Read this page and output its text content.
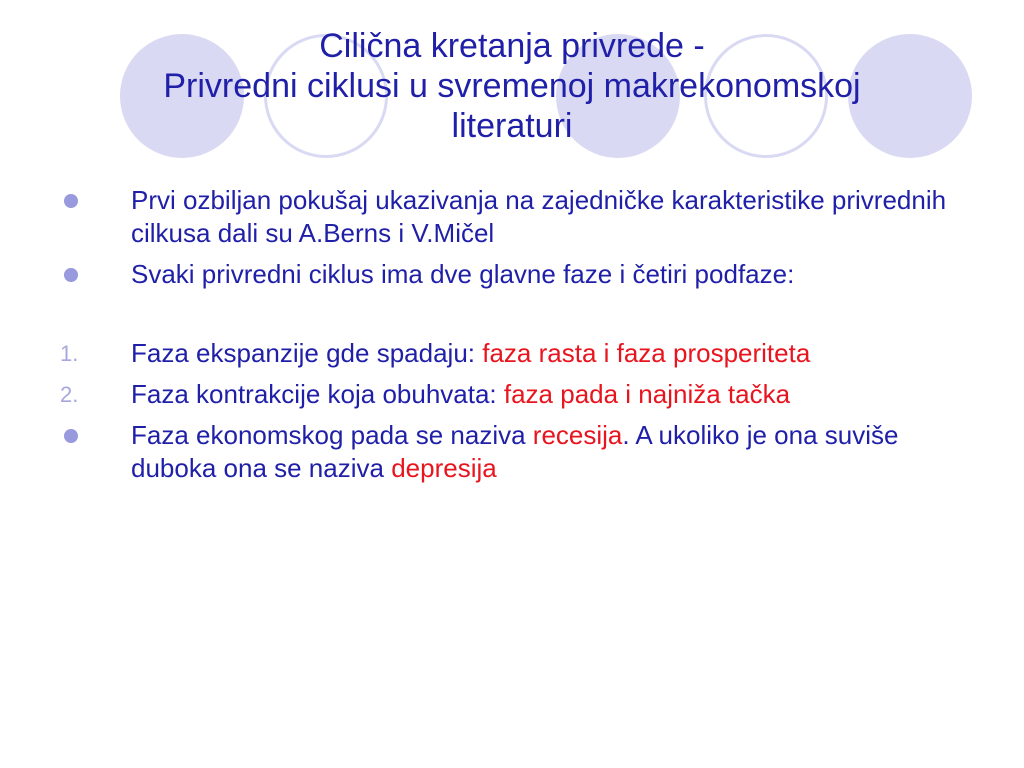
Cilična kretanja privrede -
Privredni ciklusi u svremenoj makrekonomskoj
literaturi
Prvi ozbiljan pokušaj ukazivanja na zajedničke karakteristike privrednih cilkusa dali su A.Berns i V.Mičel
Svaki privredni ciklus ima dve glavne faze i četiri podfaze:
1. Faza ekspanzije gde spadaju: faza rasta i faza prosperiteta
2. Faza kontrakcije koja obuhvata: faza pada i najniža tačka
Faza ekonomskog pada se naziva recesija. A ukoliko je ona suviše duboka ona se naziva depresija
